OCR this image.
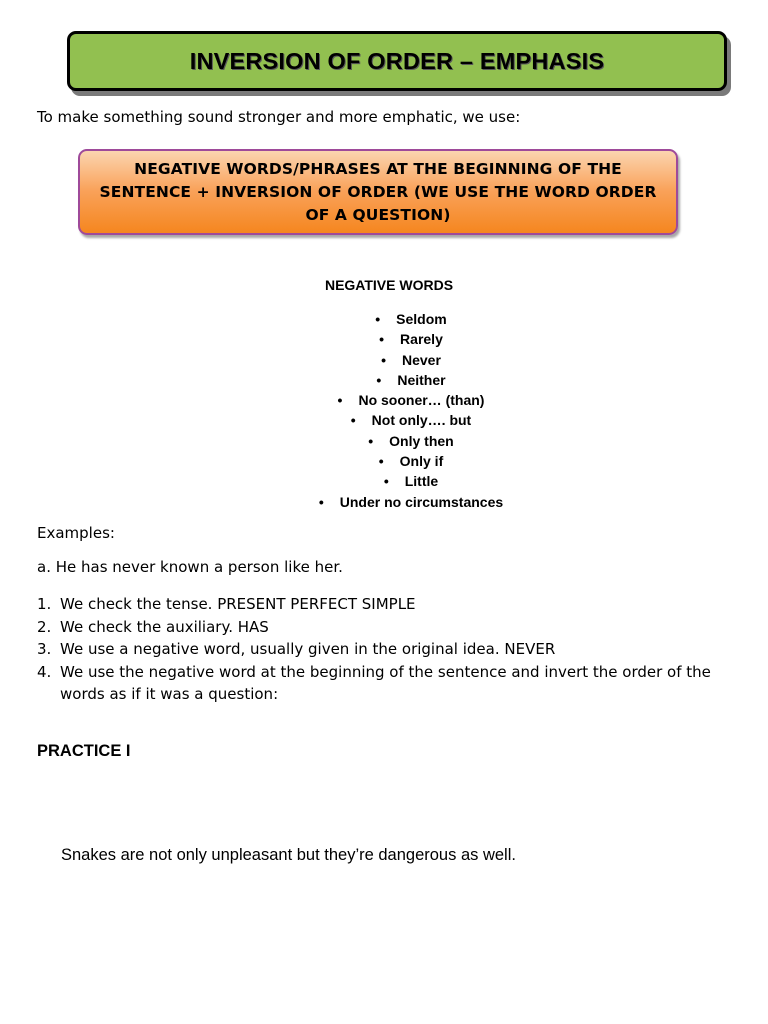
INVERSION OF ORDER – EMPHASIS
To make something sound stronger and more emphatic, we use:
NEGATIVE WORDS/PHRASES AT THE BEGINNING OF THE SENTENCE + INVERSION OF ORDER (WE USE THE WORD ORDER OF A QUESTION)
NEGATIVE WORDS
• Seldom
• Rarely
• Never
• Neither
• No sooner… (than)
• Not only…. but
• Only then
• Only if
• Little
• Under no circumstances
Examples:
a. He has never known a person like her.
1. We check the tense. PRESENT PERFECT SIMPLE
2. We check the auxiliary. HAS
3. We use a negative word, usually given in the original idea. NEVER
4. We use the negative word at the beginning of the sentence and invert the order of the words as if it was a question:
PRACTICE I
Snakes are not only unpleasant but they’re dangerous as well.
